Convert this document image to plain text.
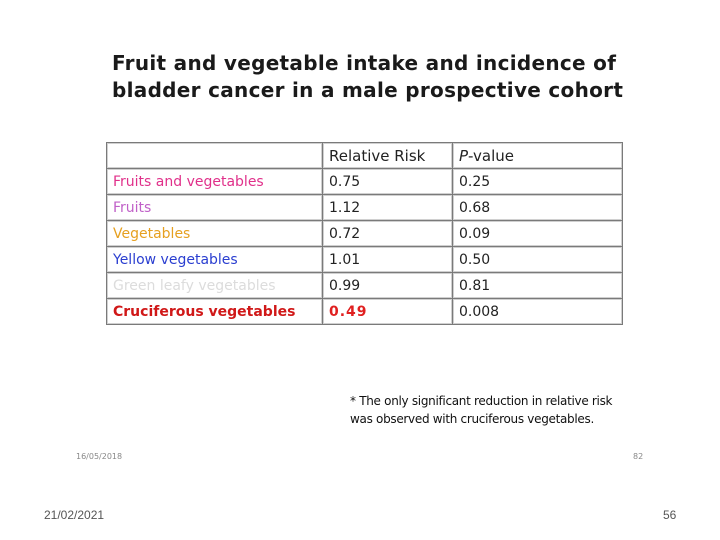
Fruit and vegetable intake and incidence of
bladder cancer in a male prospective cohort
	Relative Risk	P-value
Fruits and vegetables	0.75	0.25
Fruits	1.12	0.68
Vegetables	0.72	0.09
Yellow vegetables	1.01	0.50
Green leafy vegetables	0.99	0.81
Cruciferous vegetables	0.49	0.008
* The only significant reduction in relative risk
was observed with cruciferous vegetables.
16/05/2018	82
21/02/2021	56
